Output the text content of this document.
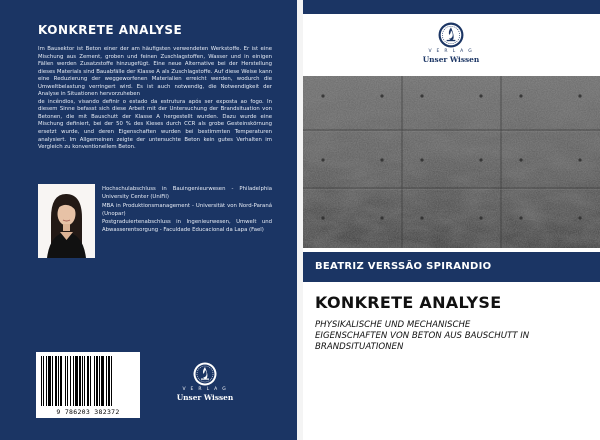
KONKRETE ANALYSE
Im Bausektor ist Beton einer der am häufigsten verwendeten Werkstoffe. Er ist eine Mischung aus Zement, groben und feinen Zuschlagstoffen, Wasser und in einigen Fällen werden Zusatzstoffe hinzugefügt. Eine neue Alternative bei der Herstellung dieses Materials sind Bauabfälle der Klasse A als Zuschlagstoffe. Auf diese Weise kann eine Reduzierung der weggeworfenen Materialien erreicht werden, wodurch die Umweltbelastung verringert wird. Es ist auch notwendig, die Notwendigkeit der Analyse in Situationen hervorzuheben
de incêndios, visando definir o estado da estrutura após ser exposta ao fogo. In diesem Sinne befasst sich diese Arbeit mit der Untersuchung der Brandsituation von Betonen, die mit Bauschutt der Klasse A hergestellt wurden. Dazu wurde eine Mischung definiert, bei der 50 % des Kieses durch CCR als grobe Gesteinskörnung ersetzt wurde, und deren Eigenschaften wurden bei bestimmten Temperaturen analysiert. Im Allgemeinen zeigte der untersuchte Beton kein gutes Verhalten im Vergleich zu konventionellem Beton.
Hochschulabschluss in Bauingenieurwesen - Philadelphia University Center (UniFil)
MBA in Produktionsmanagement - Universität von Nord-Paraná (Unopar)
Postgraduiertenabschluss in Ingenieurwesen, Umwelt und Abwasserentsorgung - Faculdade Educacional da Lapa (Fael)
9 786203 382372
V E R L A G
Unser Wissen
V E R L A G
Unser Wissen
BEATRIZ VERSSÃO SPIRANDIO
KONKRETE ANALYSE
PHYSIKALISCHE UND MECHANISCHE
EIGENSCHAFTEN VON BETON AUS BAUSCHUTT IN
BRANDSITUATIONEN
